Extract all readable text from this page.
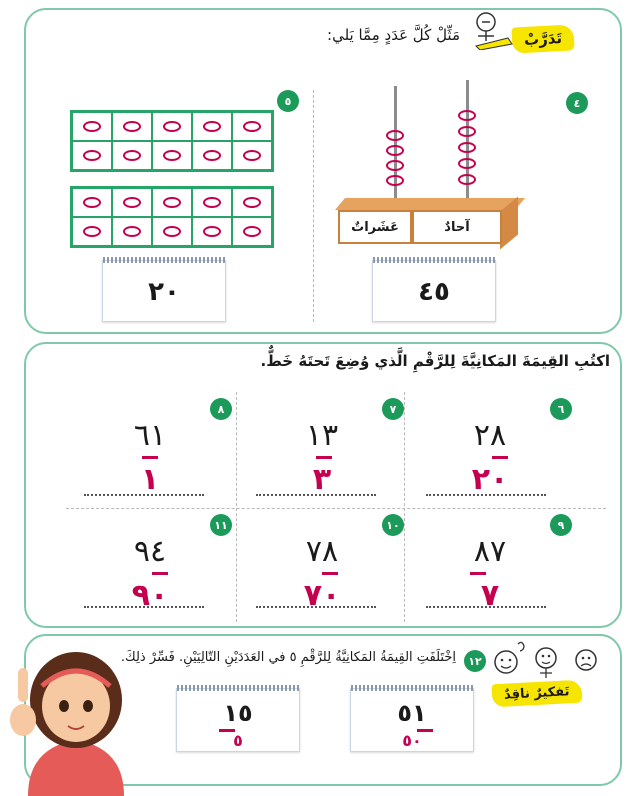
تَدَرَّبْ
مَثِّلْ كُلَّ عَدَدٍ مِمَّا يَلي:
٥
٢٠
٤
عَشَراتٌ	آحادٌ
٤٥
اكتُبِ القِيمَةَ المَكانِيَّةَ لِلرَّقْمِ الَّذي وُضِعَ تَحتَهُ خَطٌّ.
٦
٢٨
٢٠
٧
١٣
٣
٨
٦١
١
٩
٨٧
٧
١٠
٧٨
٧٠
١١
٩٤
٩٠
١٢
اِخْتَلَفَتِ القِيمَةُ المَكانِيَّةُ لِلرَّقْمِ ٥ في العَدَدَيْنِ التّالِيَيْنِ. فَسِّرْ ذلِكَ.
تَفكيرٌ ناقِدٌ
١٥
٥
٥١
٥٠
